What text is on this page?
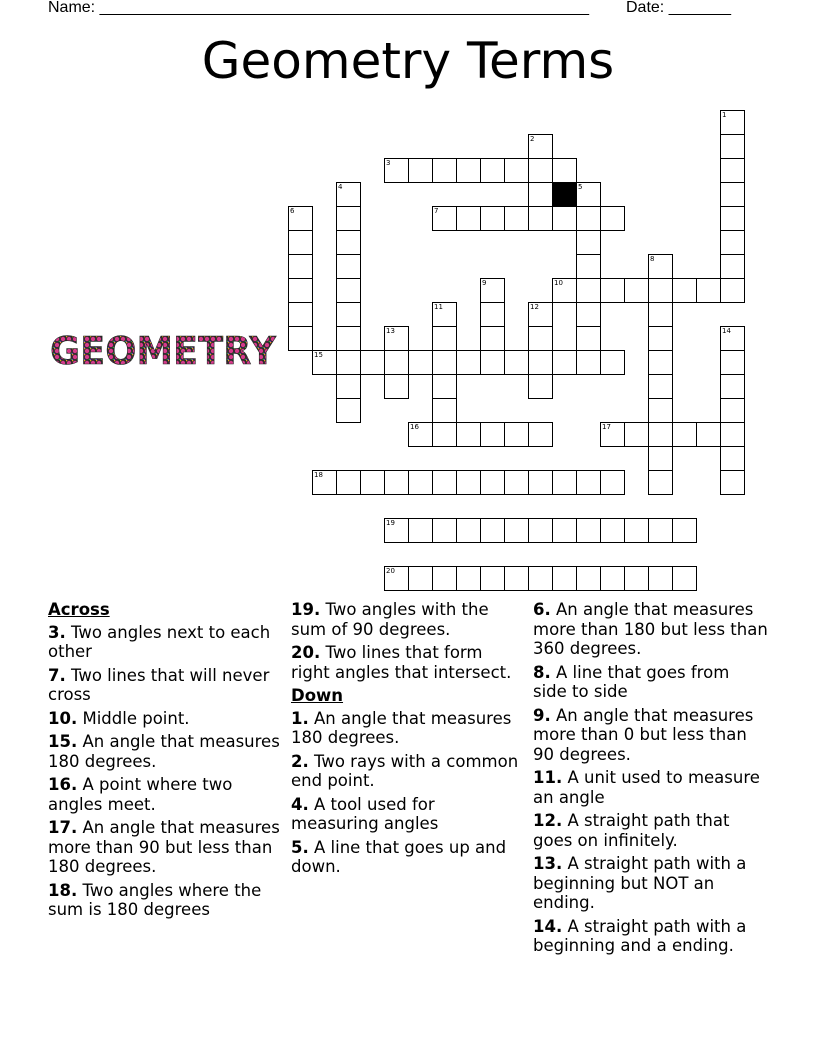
Name: _______________________________________________________ Date: _______
Geometry Terms
1
2
3
4	5
6	7
8
9	10
11	12
13	14
15
16	17
18
19
20
GEOMETRY
Across
3. Two angles next to each other
7. Two lines that will never cross
10. Middle point.
15. An angle that measures 180 degrees.
16. A point where two angles meet.
17. An angle that measures more than 90 but less than 180 degrees.
18. Two angles where the sum is 180 degrees
19. Two angles with the sum of 90 degrees.
20. Two lines that form right angles that intersect.
Down
1. An angle that measures 180 degrees.
2. Two rays with a common end point.
4. A tool used for measuring angles
5. A line that goes up and down.
6. An angle that measures more than 180 but less than 360 degrees.
8. A line that goes from side to side
9. An angle that measures more than 0 but less than 90 degrees.
11. A unit used to measure an angle
12. A straight path that goes on infinitely.
13. A straight path with a beginning but NOT an ending.
14. A straight path with a beginning and a ending.
